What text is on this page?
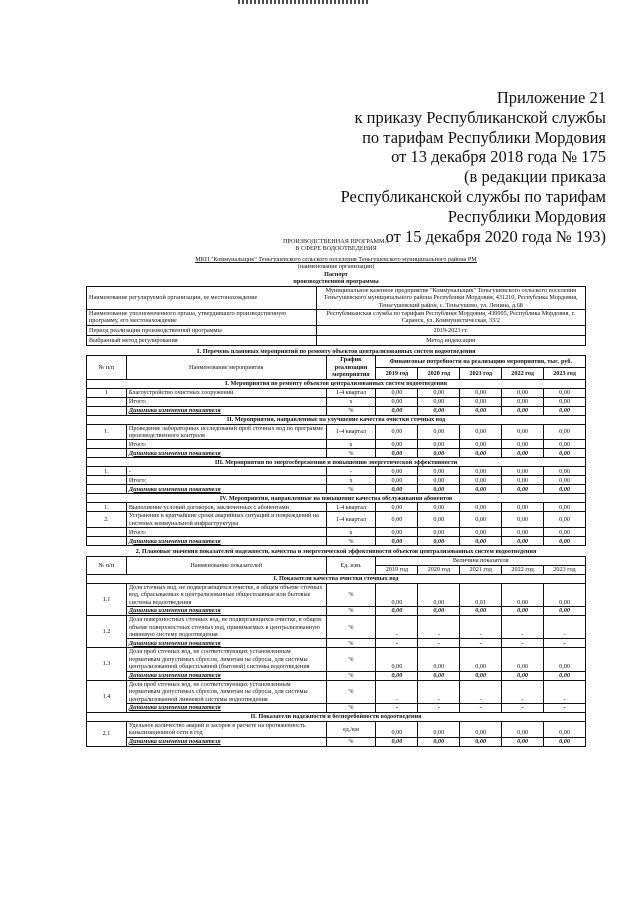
Приложение 21
к приказу Республиканской службы
по тарифам Республики Мордовия
от 13 декабря 2018 года № 175
(в редакции приказа
Республиканской службы по тарифам
Республики Мордовия
от 15 декабря 2020 года № 193)
ПРОИЗВОДСТВЕННАЯ ПРОГРАММА
В СФЕРЕ ВОДООТВЕДЕНИЯ
МКП "Коммунальщик" Теньгушевского сельского поселения Теньгушевского муниципального района РМ
(наименование организации)
Паспорт
производственной программы
Наименование регулируемой организации, ее местонахождение	Муниципальное казенное предприятие "Коммунальщик" Теньгушевского сельского поселения Теньгушевского муниципального района Республики Мордовия, 431210, Республика Мордовия, Теньгушевский район, с. Теньгушево, ул. Ленина, д.68
Наименование уполномоченного органа, утвердившего производственную программу, его местонахождение	Республиканская служба по тарифам Республики Мордовия, 430005, Республика Мордовия, г. Саранск, ул. Коммунистическая, 33/2
Период реализации производственной программы	2019-2023 гг.
Выбранный метод регулирования	Метод индексации
1. Перечень плановых мероприятий по ремонту объектов централизованных систем водоотведения
№ п/п	Наименование мероприятия	График реализации мероприятия	Финансовые потребности на реализацию мероприятия, тыс. руб.				
			2019 год	2020 год	2021 год	2022 год	2023 год
I. Мероприятия по ремонту объектов централизованных систем водоотведения							
1	Благоустройство очистных сооружений	1-4 квартал	0,00	0,00	0,00	0,00	0,00
	Итого:	x	0,00	0,00	0,00	0,00	0,00
	Динамика изменения показателя	%	0,00	0,00	0,00	0,00	0,00
II. Мероприятия, направленные на улучшение качества очистки сточных вод							
1.	Проведение лабораторных исследований проб сточных вод по программе производственного контроля	1-4 квартал	0,00	0,00	0,00	0,00	0,00
	Итого:	x	0,00	0,00	0,00	0,00	0,00
	Динамика изменения показателя	%	0,00	0,00	0,00	0,00	0,00
III. Мероприятия по энергосбережению и повышению энергетической эффективности							
1.	-	-	0,00	0,00	0,00	0,00	0,00
	Итого:	x	0,00	0,00	0,00	0,00	0,00
	Динамика изменения показателя	%	0,00	0,00	0,00	0,00	0,00
IV. Мероприятия, направленные на повышение качества обслуживания абонентов							
1.	Выполнение условий договоров, заключенных с абонентами	1-4 квартал	0,00	0,00	0,00	0,00	0,00
2.	Устранение в кратчайшие сроки аварийных ситуаций и повреждений на системах коммунальной инфраструктуры	1-4 квартал	0,00	0,00	0,00	0,00	0,00
	Итого:	x	0,00	0,00	0,00	0,00	0,00
	Динамика изменения показателя	%	0,00	0,00	0,00	0,00	0,00
2. Плановые значения показателей надежности, качества и энергетической эффективности объектов централизованных систем водоотведения
№ п/п	Наименование показателей	Ед. изм.	Величина показателя				
			2019 год	2020 год	2021 год	2022 год	2023 год
I. Показатели качества очистки сточных вод							
1.1	Доля сточных вод, не подвергающихся очистке, в общем объеме сточных вод, сбрасываемых в централизованные общесплавные или бытовые системы водоотведения	%	0,00	0,00	0,01	0,00	0,00
	Динамика изменения показателя	%	0,00	0,00	0,00	0,00	0,00
1.2	Доля поверхностных сточных вод, не подвергающихся очистке, в общем объеме поверхностных сточных вод, принимаемых в централизованную ливневую систему водоотведения	%	-	-	-	-	-
	Динамика изменения показателя	%	-	-	-	-	-
1.3	Доля проб сточных вод, не соответствующих установленным нормативам допустимых сбросов, лимитам на сбросы, для системы централизованной общесплавной (бытовой) системы водоотведения	%	0,00	0,00	0,00	0,00	0,00
	Динамика изменения показателя	%	0,00	0,00	0,00	0,00	0,00
1.4	Доля проб сточных вод, не соответствующих установленным нормативам допустимых сбросов, лимитам на сбросы, для системы централизованной ливневой системы водоотведения	%	-	-	-	-	-
	Динамика изменения показателя	%	-	-	-	-	-
II. Показатели надежности и бесперебойности водоотведения							
2.1	Удельное количество аварий и засоров в расчете на протяженность канализационной сети в год	ед./км	0,00	0,00	0,00	0,00	0,00
	Динамика изменения показателя	%	0,00	0,00	0,00	0,00	0,00
